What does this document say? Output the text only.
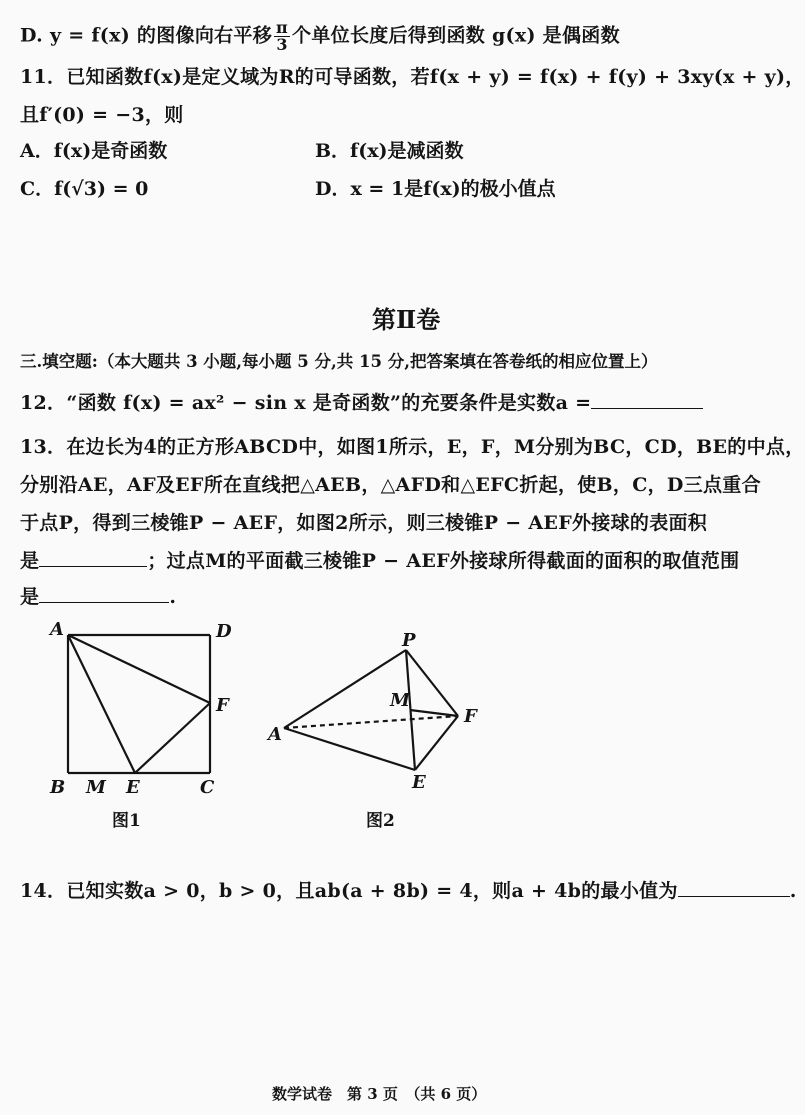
D. y = f(x) 的图像向右平移 $\frac{\pi}{3}$ 个单位长度后得到函数 g(x) 是偶函数
11．已知函数f(x)是定义域为R的可导函数，若f(x + y) = f(x) + f(y) + 3xy(x + y)，
且f′(0) = −3，则
A．f(x)是奇函数	B．f(x)是减函数
C．f(√3) = 0	D．x = 1是f(x)的极小值点
第Ⅱ卷
三.填空题:（本大题共 3 小题,每小题 5 分,共 15 分,把答案填在答卷纸的相应位置上）
12．“函数 f(x) = ax² − sin x 是奇函数”的充要条件是实数a =
13．在边长为4的正方形ABCD中，如图1所示，E，F，M分别为BC，CD，BE的中点，
分别沿AE，AF及EF所在直线把△AEB，△AFD和△EFC折起，使B，C，D三点重合
于点P，得到三棱锥P − AEF，如图2所示，则三棱锥P − AEF外接球的表面积
是	；过点M的平面截三棱锥P − AEF外接球所得截面的面积的取值范围
是	.
A	D
F
B M E	C
图1
P
M
F
A
E
图2
14．已知实数a > 0，b > 0，且ab(a + 8b) = 4，则a + 4b的最小值为	.
数学试卷　第 3 页　（共 6 页）
